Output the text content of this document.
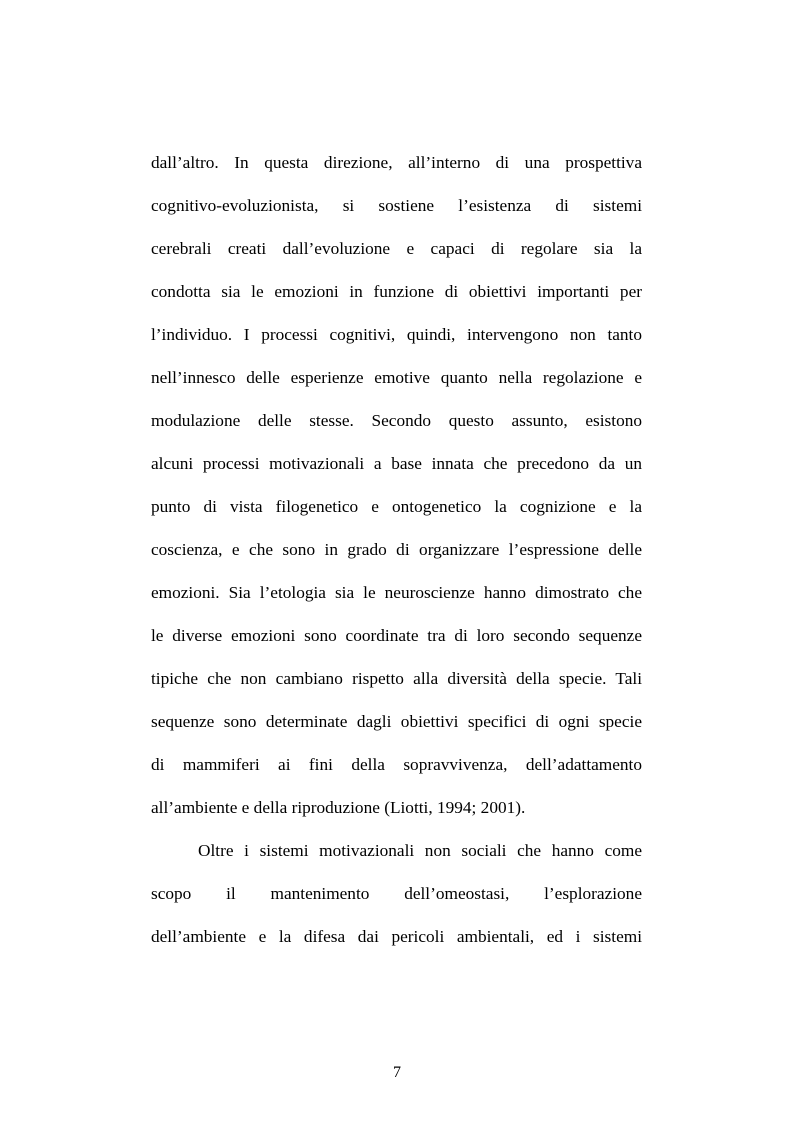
dall’altro. In questa direzione, all’interno di una prospettiva
cognitivo-evoluzionista, si sostiene l’esistenza di sistemi
cerebrali creati dall’evoluzione e capaci di regolare sia la
condotta sia le emozioni in funzione di obiettivi importanti per
l’individuo. I processi cognitivi, quindi, intervengono non tanto
nell’innesco delle esperienze emotive quanto nella regolazione e
modulazione delle stesse. Secondo questo assunto, esistono
alcuni processi motivazionali a base innata che precedono da un
punto di vista filogenetico e ontogenetico la cognizione e la
coscienza, e che sono in grado di organizzare l’espressione delle
emozioni. Sia l’etologia sia le neuroscienze hanno dimostrato che
le diverse emozioni sono coordinate tra di loro secondo sequenze
tipiche che non cambiano rispetto alla diversità della specie. Tali
sequenze sono determinate dagli obiettivi specifici di ogni specie
di mammiferi ai fini della sopravvivenza, dell’adattamento
all’ambiente e della riproduzione (Liotti, 1994; 2001).
Oltre i sistemi motivazionali non sociali che hanno come
scopo il mantenimento dell’omeostasi, l’esplorazione
dell’ambiente e la difesa dai pericoli ambientali, ed i sistemi
7
